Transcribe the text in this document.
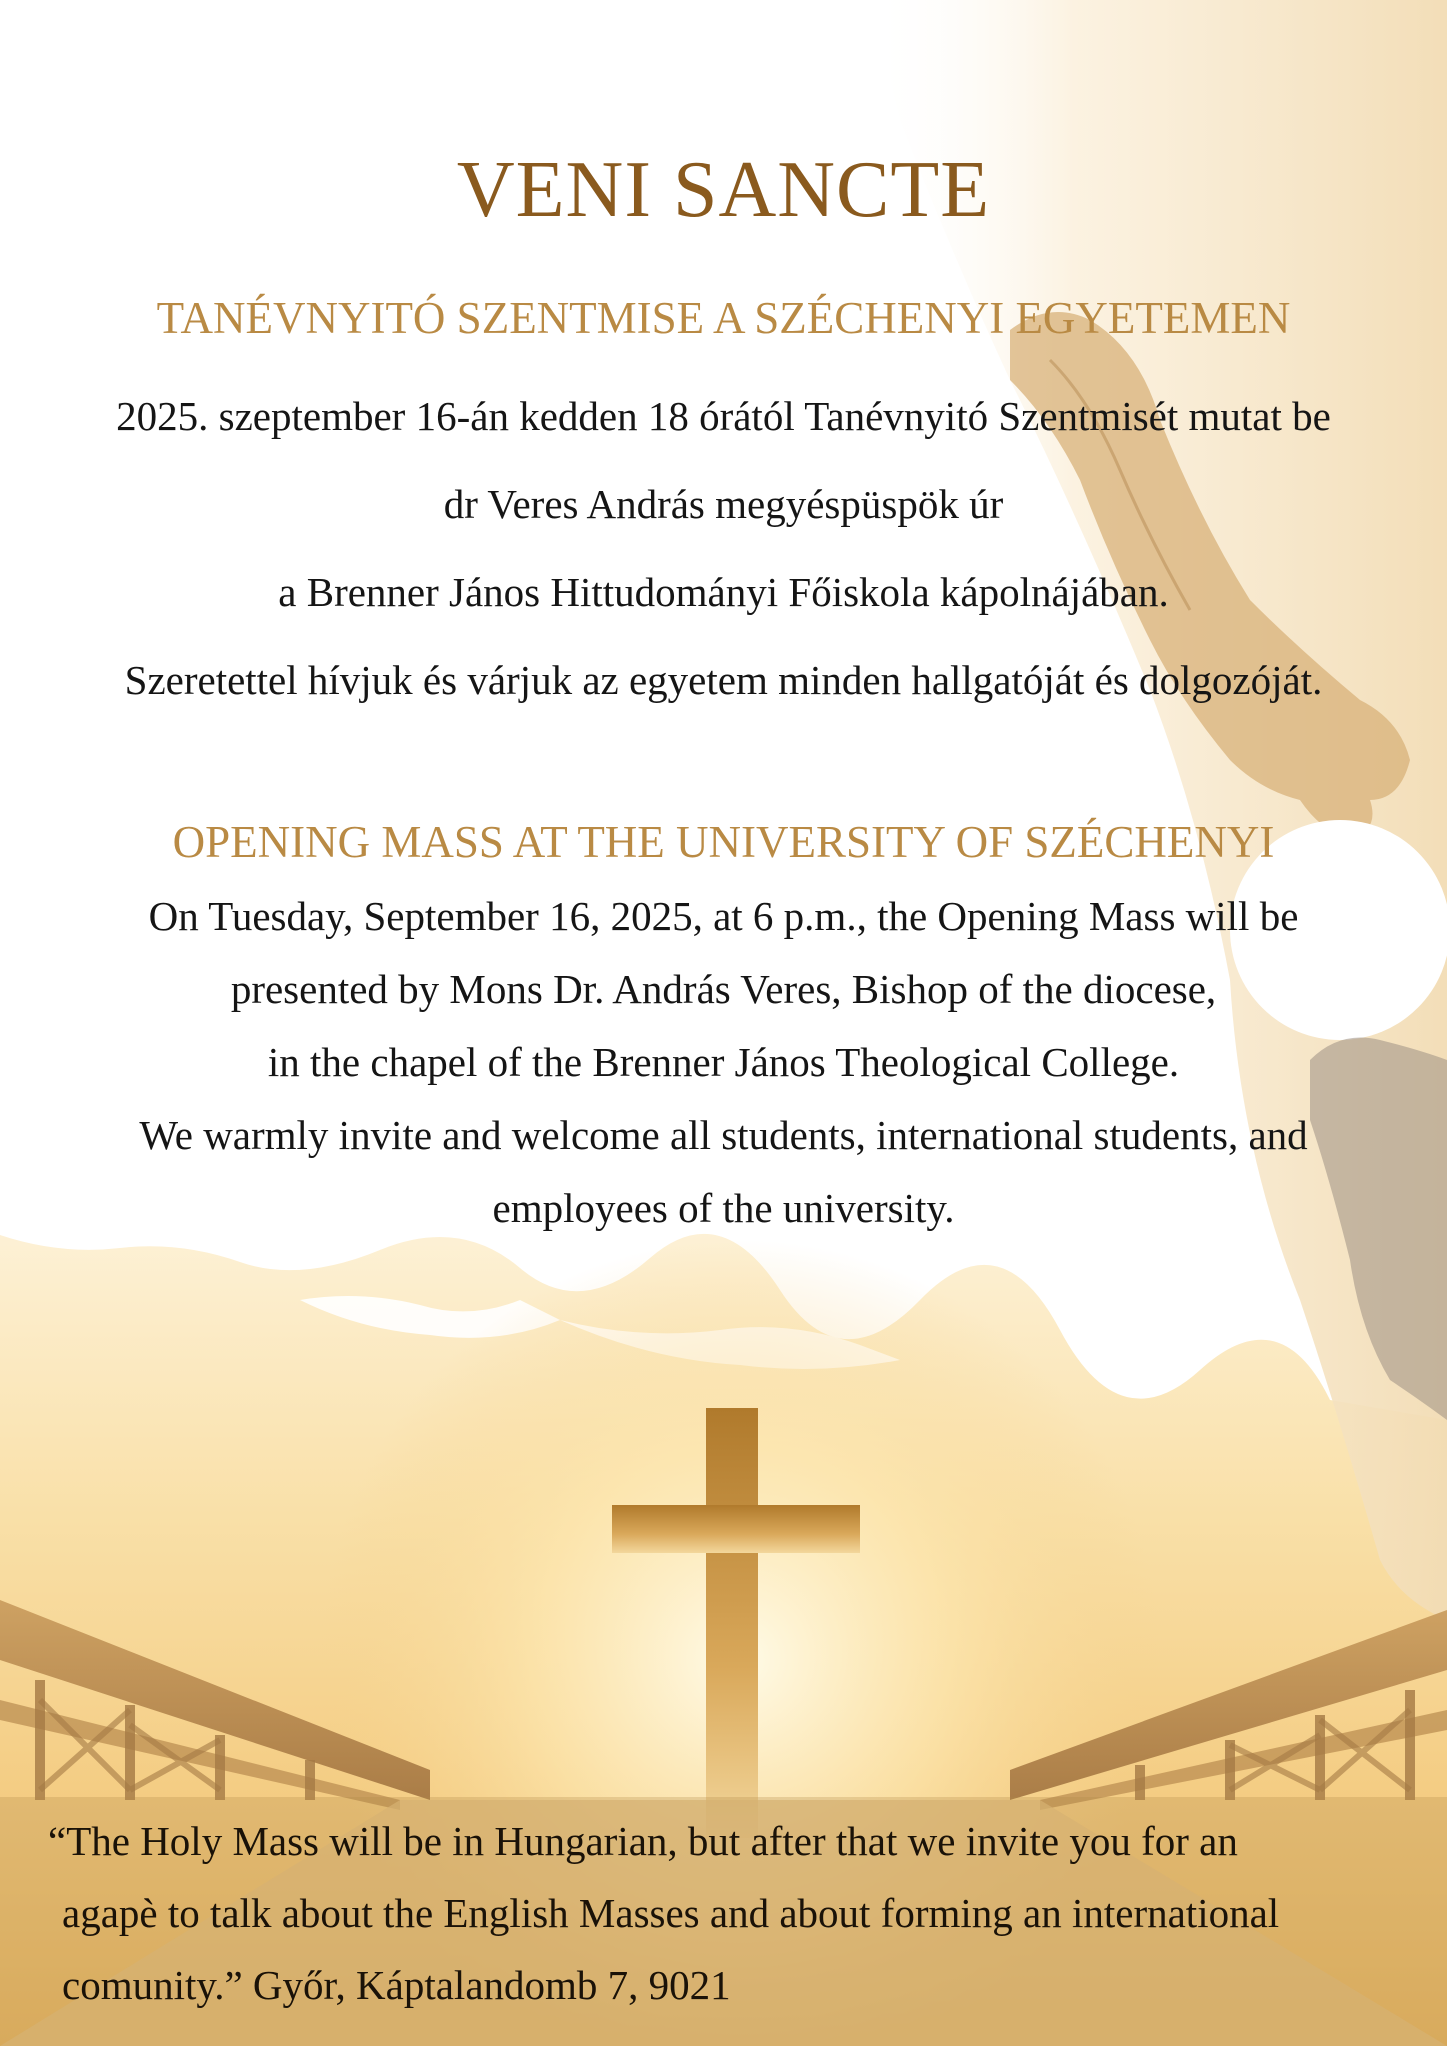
VENI SANCTE
TANÉVNYITÓ SZENTMISE A SZÉCHENYI EGYETEMEN

2025. szeptember 16-án kedden 18 órától Tanévnyitó Szentmisét mutat be

dr Veres András megyéspüspök úr

a Brenner János Hittudományi Főiskola kápolnájában.

Szeretettel hívjuk és várjuk az egyetem minden hallgatóját és dolgozóját.

OPENING MASS AT THE UNIVERSITY OF SZÉCHENYI

On Tuesday, September 16, 2025, at 6 p.m., the Opening Mass will be

presented by Mons Dr. András Veres, Bishop of the diocese,

in the chapel of the Brenner János Theological College.

We warmly invite and welcome all students, international students, and

employees of the university.

“The Holy Mass will be in Hungarian, but after that we invite you for an

agapè to talk about the English Masses and about forming an international

comunity.” Győr, Káptalandomb 7, 9021
